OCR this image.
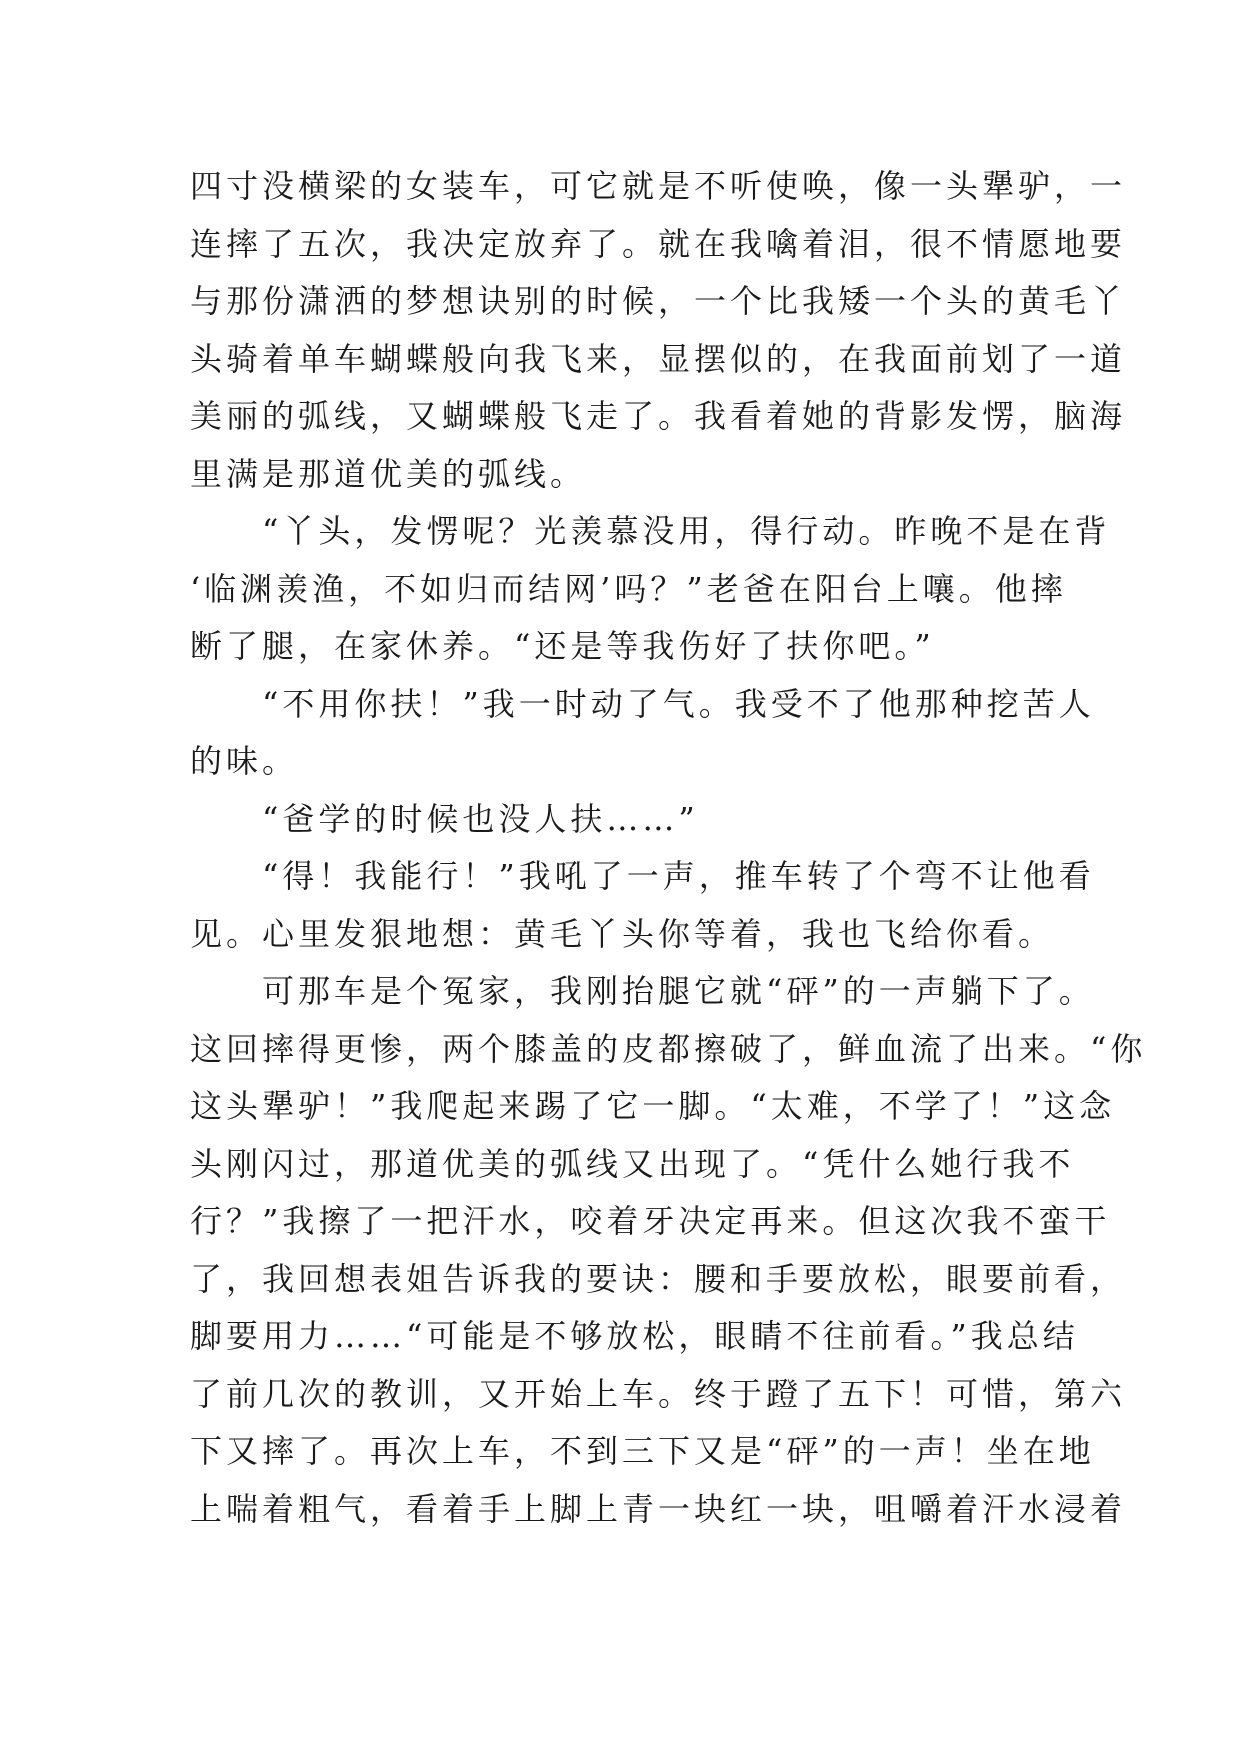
四寸没横梁的女装车，可它就是不听使唤，像一头犟驴，一
连摔了五次，我决定放弃了。就在我噙着泪，很不情愿地要
与那份潇洒的梦想诀别的时候，一个比我矮一个头的黄毛丫
头骑着单车蝴蝶般向我飞来，显摆似的，在我面前划了一道
美丽的弧线，又蝴蝶般飞走了。我看着她的背影发愣，脑海
里满是那道优美的弧线。
“丫头，发愣呢？光羡慕没用，得行动。昨晚不是在背
‘临渊羡渔，不如归而结网’吗？”老爸在阳台上嚷。他摔
断了腿，在家休养。“还是等我伤好了扶你吧。”
“不用你扶！”我一时动了气。我受不了他那种挖苦人
的味。
“爸学的时候也没人扶……”
“得！我能行！”我吼了一声，推车转了个弯不让他看
见。心里发狠地想：黄毛丫头你等着，我也飞给你看。
可那车是个冤家，我刚抬腿它就“砰”的一声躺下了。
这回摔得更惨，两个膝盖的皮都擦破了，鲜血流了出来。“你
这头犟驴！”我爬起来踢了它一脚。“太难，不学了！”这念
头刚闪过，那道优美的弧线又出现了。“凭什么她行我不
行？”我擦了一把汗水，咬着牙决定再来。但这次我不蛮干
了，我回想表姐告诉我的要诀：腰和手要放松，眼要前看，
脚要用力……“可能是不够放松，眼睛不往前看。”我总结
了前几次的教训，又开始上车。终于蹬了五下！可惜，第六
下又摔了。再次上车，不到三下又是“砰”的一声！坐在地
上喘着粗气，看着手上脚上青一块红一块，咀嚼着汗水浸着
